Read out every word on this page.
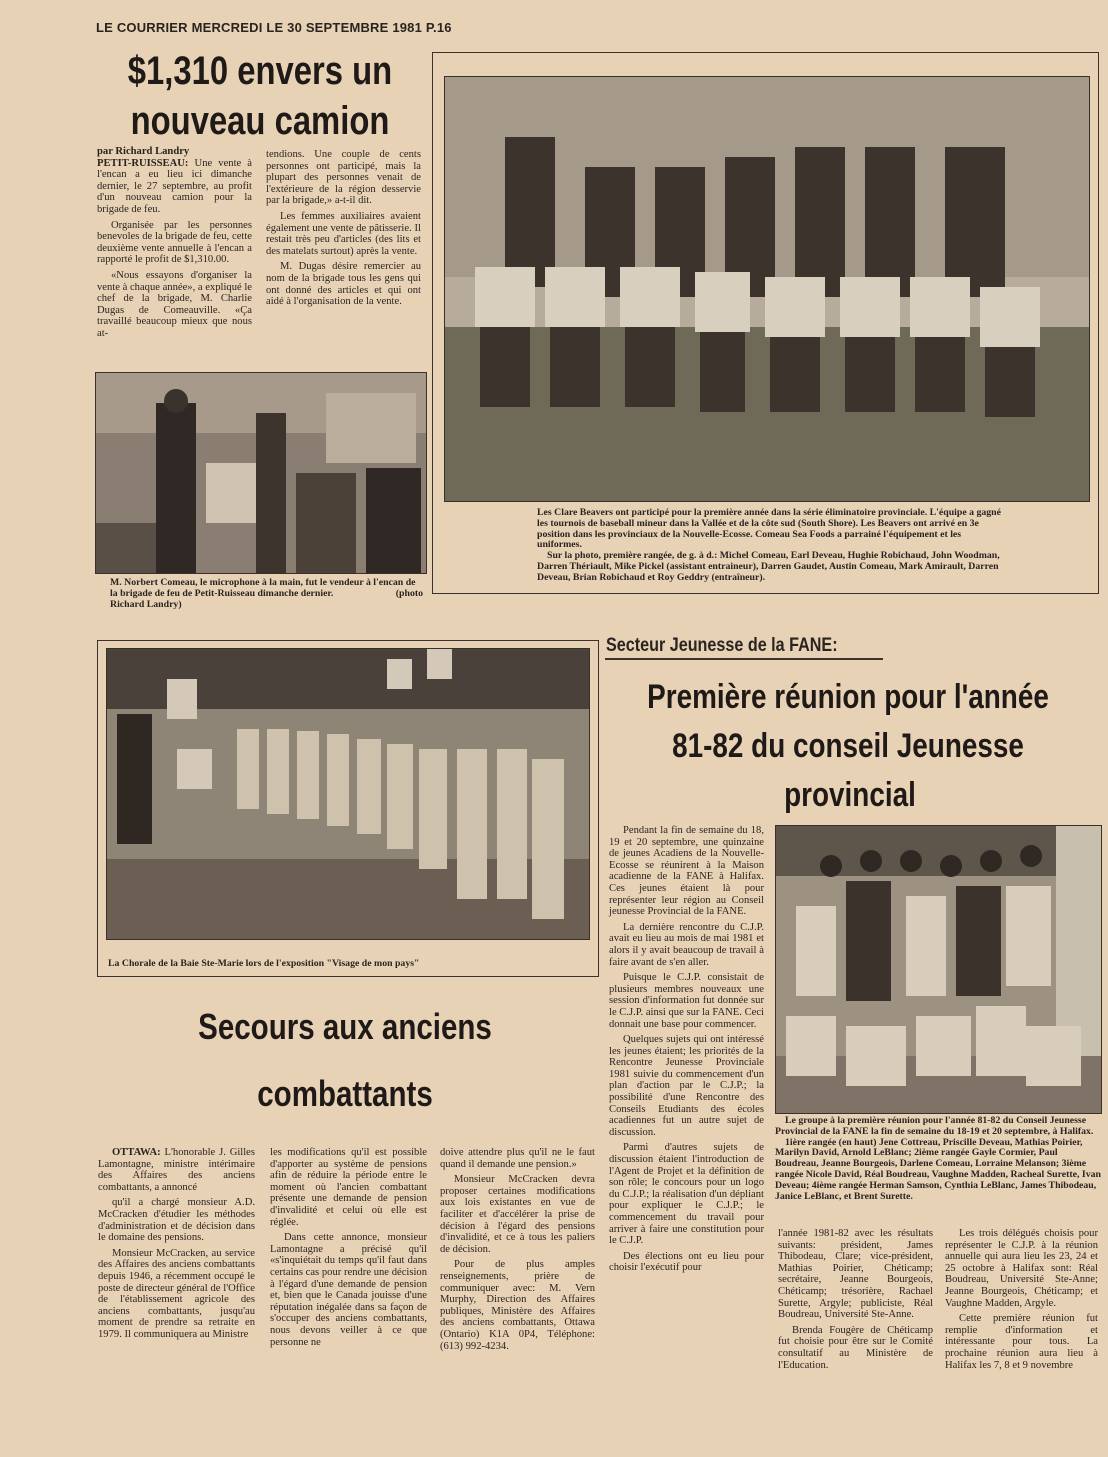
LE COURRIER MERCREDI LE 30 SEPTEMBRE 1981 P.16
$1,310 envers un
nouveau camion
par Richard Landry

PETIT-RUISSEAU: Une vente à l'encan a eu lieu ici dimanche dernier, le 27 septembre, au profit d'un nouveau camion pour la brigade de feu.

Organisée par les personnes benevoles de la brigade de feu, cette deuxième vente annuelle à l'encan a rapporté le profit de $1,310.00.

«Nous essayons d'organiser la vente à chaque année», a expliqué le chef de la brigade, M. Charlie Dugas de Comeauville. «Ça travaillé beaucoup mieux que nous at-

tendions. Une couple de cents personnes ont participé, mais la plupart des personnes venait de l'extérieure de la région desservie par la brigade,» a-t-il dit.

Les femmes auxiliaires avaient également une vente de pâtisserie. Il restait très peu d'articles (des lits et des matelats surtout) après la vente.

M. Dugas désire remercier au nom de la brigade tous les gens qui ont donné des articles et qui ont aidé à l'organisation de la vente.

M. Norbert Comeau, le microphone à la main, fut le vendeur à l'encan de la brigade de feu de Petit-Ruisseau dimanche dernier.	(photo Richard Landry)
Les Clare Beavers ont participé pour la première année dans la série éliminatoire provinciale. L'équipe a gagné les tournois de baseball mineur dans la Vallée et de la côte sud (South Shore). Les Beavers ont arrivé en 3e position dans les provinciaux de la Nouvelle-Ecosse. Comeau Sea Foods a parrainé l'équipement et les uniformes.
Sur la photo, première rangée, de g. à d.: Michel Comeau, Earl Deveau, Hughie Robichaud, John Woodman, Darren Thériault, Mike Pickel (assistant entraineur), Darren Gaudet, Austin Comeau, Mark Amirault, Darren Deveau, Brian Robichaud et Roy Geddry (entraîneur).
La Chorale de la Baie Ste-Marie lors de l'exposition "Visage de mon pays"
Secours aux anciens
combattants

OTTAWA: L'honorable J. Gilles Lamontagne, ministre intérimaire des Affaires des anciens combattants, a annoncé

qu'il a chargé monsieur A.D. McCracken d'étudier les méthodes d'administration et de décision dans le domaine des pensions.

Monsieur McCracken, au service des Affaires des anciens combattants depuis 1946, a récemment occupé le poste de directeur général de l'Office de l'établissement agricole des anciens combattants, jusqu'au moment de prendre sa retraite en 1979. Il communiquera au Ministre

les modifications qu'il est possible d'apporter au système de pensions afin de réduire la période entre le moment où l'ancien combattant présente une demande de pension d'invalidité et celui où elle est réglée.

Dans cette annonce, monsieur Lamontagne a précisé qu'il «s'inquiétait du temps qu'il faut dans certains cas pour rendre une décision à l'égard d'une demande de pension et, bien que le Canada jouisse d'une réputation inégalée dans sa façon de s'occuper des anciens combattants, nous devons veiller à ce que personne ne

doive attendre plus qu'il ne le faut quand il demande une pension.»

Monsieur McCracken devra proposer certaines modifications aux lois existantes en vue de faciliter et d'accélérer la prise de décision à l'égard des pensions d'invalidité, et ce à tous les paliers de décision.

Pour de plus amples renseignements, prière de communiquer avec: M. Vern Murphy, Direction des Affaires publiques, Ministère des Affaires des anciens combattants, Ottawa (Ontario) K1A 0P4, Téléphone: (613) 992-4234.

Secteur Jeunesse de la FANE:
Première réunion pour l'année
81-82 du conseil Jeunesse
provincial

Pendant la fin de semaine du 18, 19 et 20 septembre, une quinzaine de jeunes Acadiens de la Nouvelle-Ecosse se réunirent à la Maison acadienne de la FANE à Halifax. Ces jeunes étaient là pour représenter leur région au Conseil jeunesse Provincial de la FANE.

La dernière rencontre du C.J.P. avait eu lieu au mois de mai 1981 et alors il y avait beaucoup de travail à faire avant de s'en aller.

Puisque le C.J.P. consistait de plusieurs membres nouveaux une session d'information fut donnée sur le C.J.P. ainsi que sur la FANE. Ceci donnait une base pour commencer.

Quelques sujets qui ont intéressé les jeunes étaient; les priorités de la Rencontre Jeunesse Provinciale 1981 suivie du commencement d'un plan d'action par le C.J.P.; la possibilité d'une Rencontre des Conseils Etudiants des écoles acadiennes fut un autre sujet de discussion.

Parmi d'autres sujets de discussion étaient l'introduction de l'Agent de Projet et la définition de son rôle; le concours pour un logo du C.J.P.; la réalisation d'un dépliant pour expliquer le C.J.P.; le commencement du travail pour arriver à faire une constitution pour le C.J.P.

Des élections ont eu lieu pour choisir l'exécutif pour

Le groupe à la première réunion pour l'année 81-82 du Conseil Jeunesse Provincial de la FANE la fin de semaine du 18-19 et 20 septembre, à Halifax.
1ière rangée (en haut) Jene Cottreau, Priscille Deveau, Mathias Poirier, Marilyn David, Arnold LeBlanc; 2ième rangée Gayle Cormier, Paul Boudreau, Jeanne Bourgeois, Darlene Comeau, Lorraine Melanson; 3ième rangée Nicole David, Réal Boudreau, Vaughne Madden, Racheal Surette, Ivan Deveau; 4ième rangée Herman Samson, Cynthia LeBlanc, James Thibodeau, Janice LeBlanc, et Brent Surette.

l'année 1981-82 avec les résultats suivants: président, James Thibodeau, Clare; vice-président, Mathias Poirier, Chéticamp; secrétaire, Jeanne Bourgeois, Chéticamp; trésorière, Rachael Surette, Argyle; publiciste, Réal Boudreau, Université Ste-Anne.

Brenda Fougère de Chéticamp fut choisie pour être sur le Comité consultatif au Ministère de l'Education.

Les trois délégués choisis pour représenter le C.J.P. à la réunion annuelle qui aura lieu les 23, 24 et 25 octobre à Halifax sont: Réal Boudreau, Université Ste-Anne; Jeanne Bourgeois, Chéticamp; et Vaughne Madden, Argyle.

Cette première réunion fut remplie d'information et intéressante pour tous. La prochaine réunion aura lieu à Halifax les 7, 8 et 9 novembre
